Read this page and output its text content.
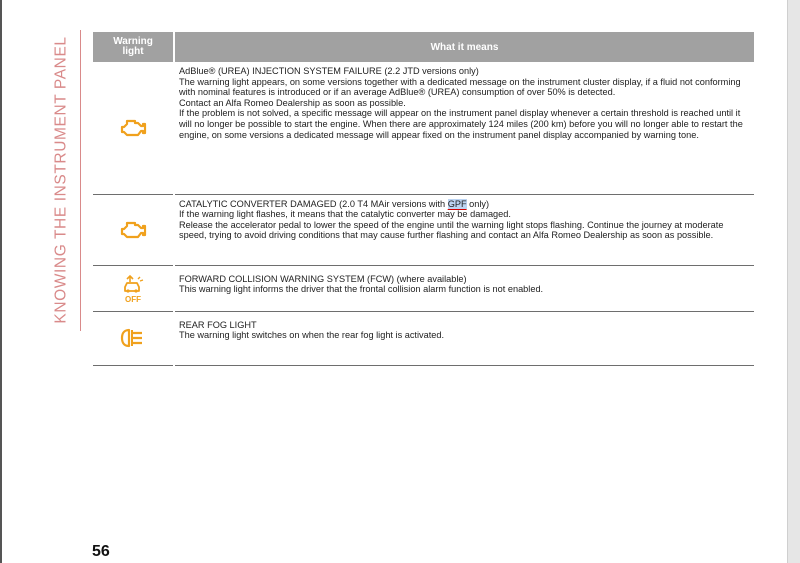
KNOWING THE INSTRUMENT PANEL	Warning
light	What it means

AdBlue® (UREA) INJECTION SYSTEM FAILURE (2.2 JTD versions only)
The warning light appears, on some versions together with a dedicated message on the instrument cluster display, if a fluid not conforming with nominal features is introduced or if an average AdBlue® (UREA) consumption of over 50% is detected.
Contact an Alfa Romeo Dealership as soon as possible.
If the problem is not solved, a specific message will appear on the instrument panel display whenever a certain threshold is reached until it will no longer be possible to start the engine. When there are approximately 124 miles (200 km) before you will no longer able to restart the engine, on some versions a dedicated message will appear fixed on the instrument panel display accompanied by warning tone.

CATALYTIC CONVERTER DAMAGED (2.0 T4 MAir versions with GPF only)
If the warning light flashes, it means that the catalytic converter may be damaged.
Release the accelerator pedal to lower the speed of the engine until the warning light stops flashing. Continue the journey at moderate speed, trying to avoid driving conditions that may cause further flashing and contact an Alfa Romeo Dealership as soon as possible.

OFF	FORWARD COLLISION WARNING SYSTEM (FCW) (where available)
This warning light informs the driver that the frontal collision alarm function is not enabled.

REAR FOG LIGHT
The warning light switches on when the rear fog light is activated.
56
